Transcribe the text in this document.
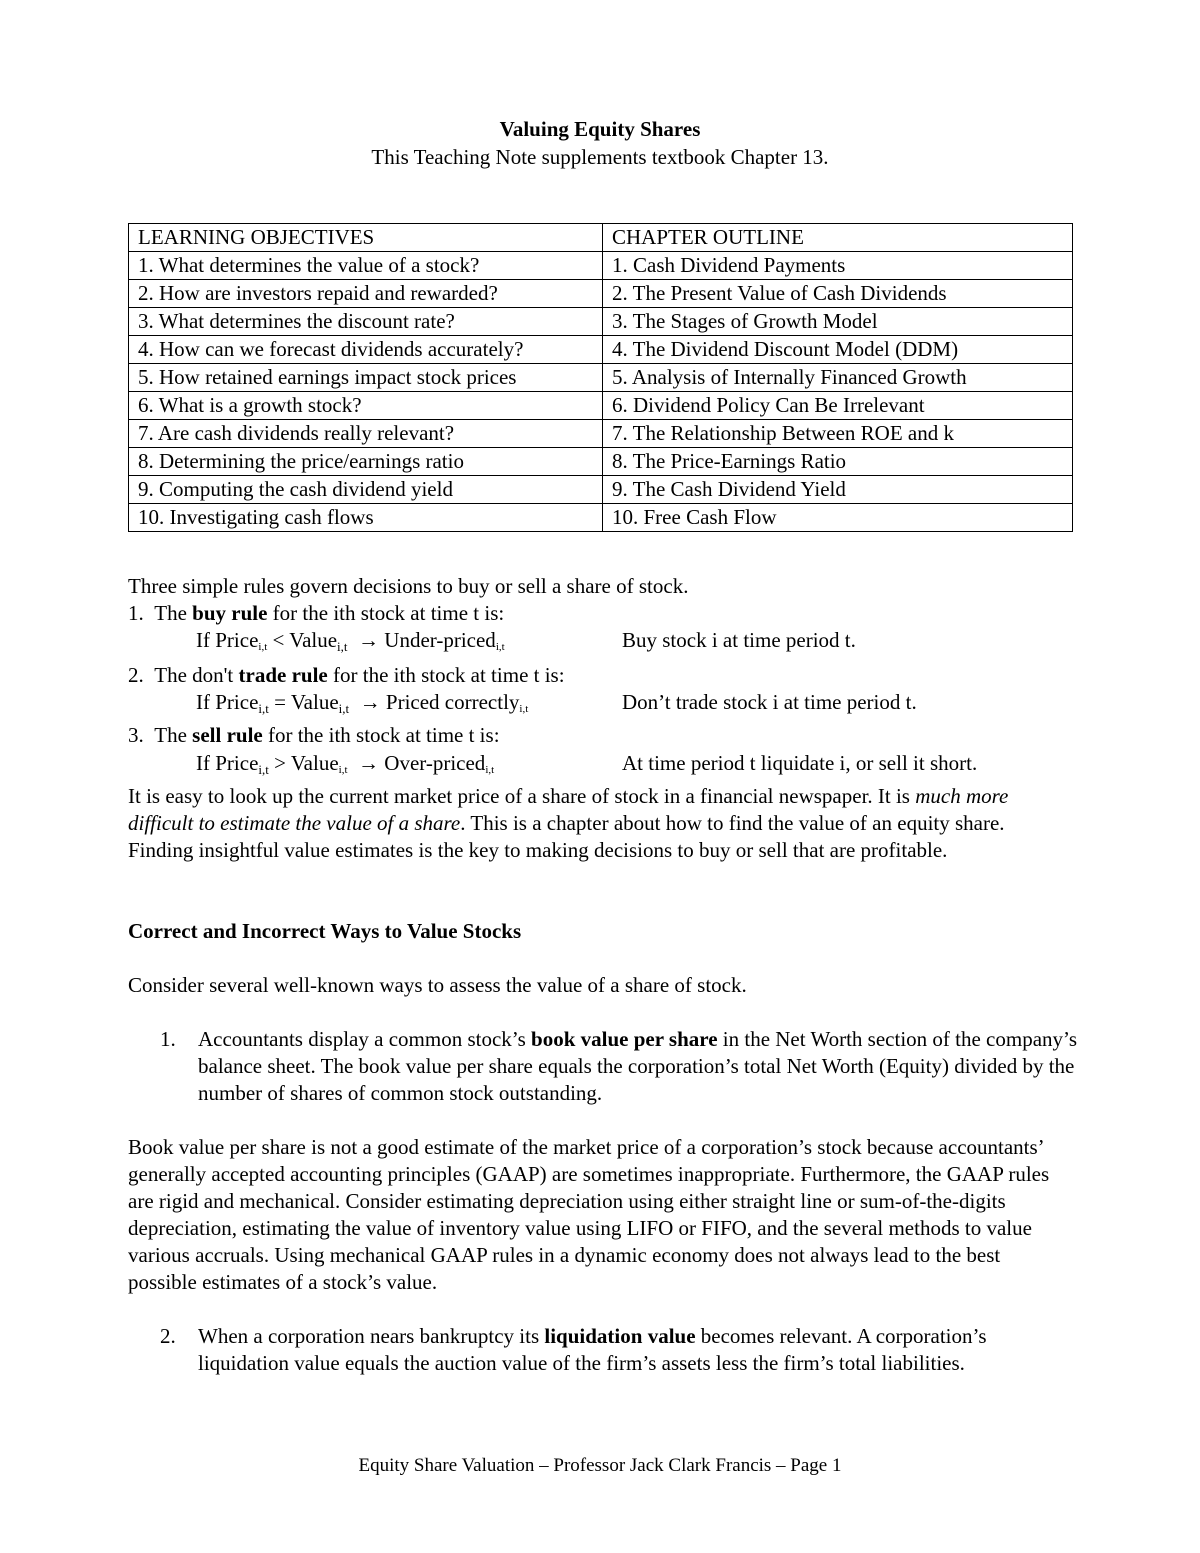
Valuing Equity Shares
This Teaching Note supplements textbook Chapter 13.
LEARNING OBJECTIVES	CHAPTER OUTLINE
1. What determines the value of a stock?	1. Cash Dividend Payments
2. How are investors repaid and rewarded?	2. The Present Value of Cash Dividends
3. What determines the discount rate?	3. The Stages of Growth Model
4. How can we forecast dividends accurately?	4. The Dividend Discount Model (DDM)
5. How retained earnings impact stock prices	5. Analysis of Internally Financed Growth
6. What is a growth stock?	6. Dividend Policy Can Be Irrelevant
7. Are cash dividends really relevant?	7. The Relationship Between ROE and k
8. Determining the price/earnings ratio	8. The Price-Earnings Ratio
9. Computing the cash dividend yield	9. The Cash Dividend Yield
10. Investigating cash flows	10. Free Cash Flow
Three simple rules govern decisions to buy or sell a share of stock.
1. The buy rule for the ith stock at time t is:
If Price$_{i,t}$ < Value$_{i,t}$ → Under-priced$_{i,t}$	Buy stock i at time period t.
2. The don't trade rule for the ith stock at time t is:
If Price$_{i,t}$ = Value$_{i,t}$ → Priced correctly$_{i,t}$	Don’t trade stock i at time period t.
3. The sell rule for the ith stock at time t is:
If Price$_{i,t}$ > Value$_{i,t}$ → Over-priced$_{i,t}$	At time period t liquidate i, or sell it short.
It is easy to look up the current market price of a share of stock in a financial newspaper. It is much more difficult to estimate the value of a share. This is a chapter about how to find the value of an equity share. Finding insightful value estimates is the key to making decisions to buy or sell that are profitable.
Correct and Incorrect Ways to Value Stocks
Consider several well-known ways to assess the value of a share of stock.
1. Accountants display a common stock’s book value per share in the Net Worth section of the company’s balance sheet. The book value per share equals the corporation’s total Net Worth (Equity) divided by the number of shares of common stock outstanding.
Book value per share is not a good estimate of the market price of a corporation’s stock because accountants’ generally accepted accounting principles (GAAP) are sometimes inappropriate. Furthermore, the GAAP rules are rigid and mechanical. Consider estimating depreciation using either straight line or sum-of-the-digits depreciation, estimating the value of inventory value using LIFO or FIFO, and the several methods to value various accruals. Using mechanical GAAP rules in a dynamic economy does not always lead to the best possible estimates of a stock’s value.
2. When a corporation nears bankruptcy its liquidation value becomes relevant. A corporation’s liquidation value equals the auction value of the firm’s assets less the firm’s total liabilities.
Equity Share Valuation – Professor Jack Clark Francis – Page 1
